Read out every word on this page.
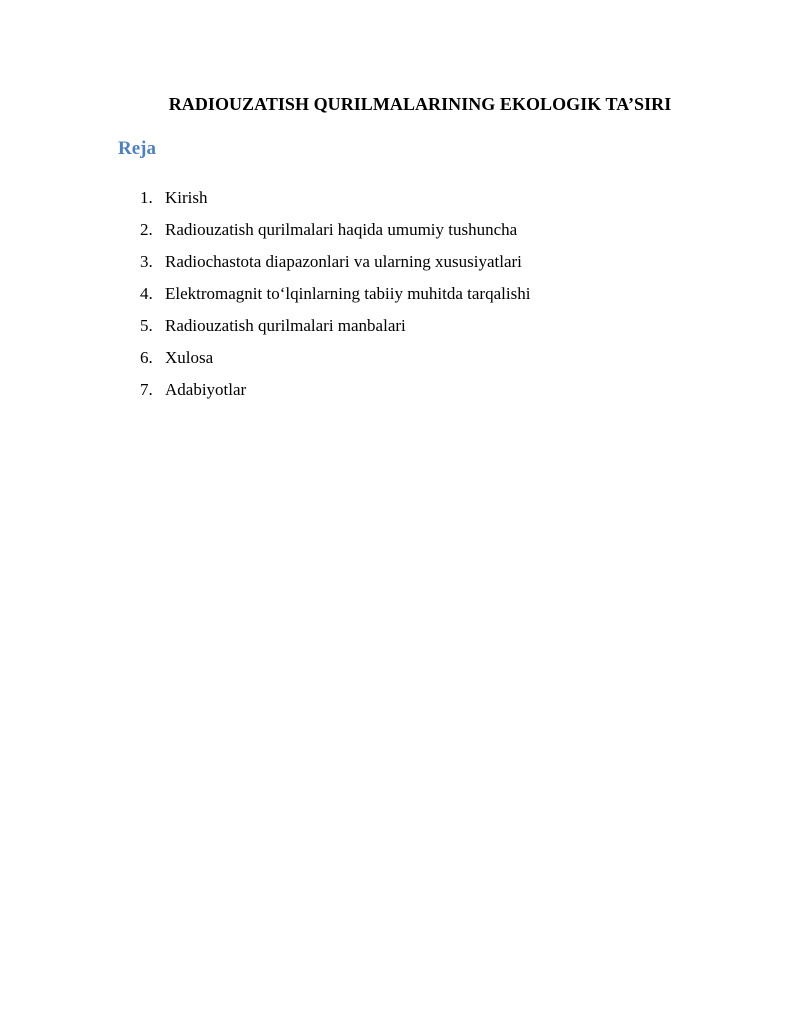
RADIOUZATISH QURILMALARINING EKOLOGIK TA’SIRI
Reja
1. Kirish
2. Radiouzatish qurilmalari haqida umumiy tushuncha
3. Radiochastota diapazonlari va ularning xususiyatlari
4. Elektromagnit to‘lqinlarning tabiiy muhitda tarqalishi
5. Radiouzatish qurilmalari manbalari
6. Xulosa
7. Adabiyotlar
